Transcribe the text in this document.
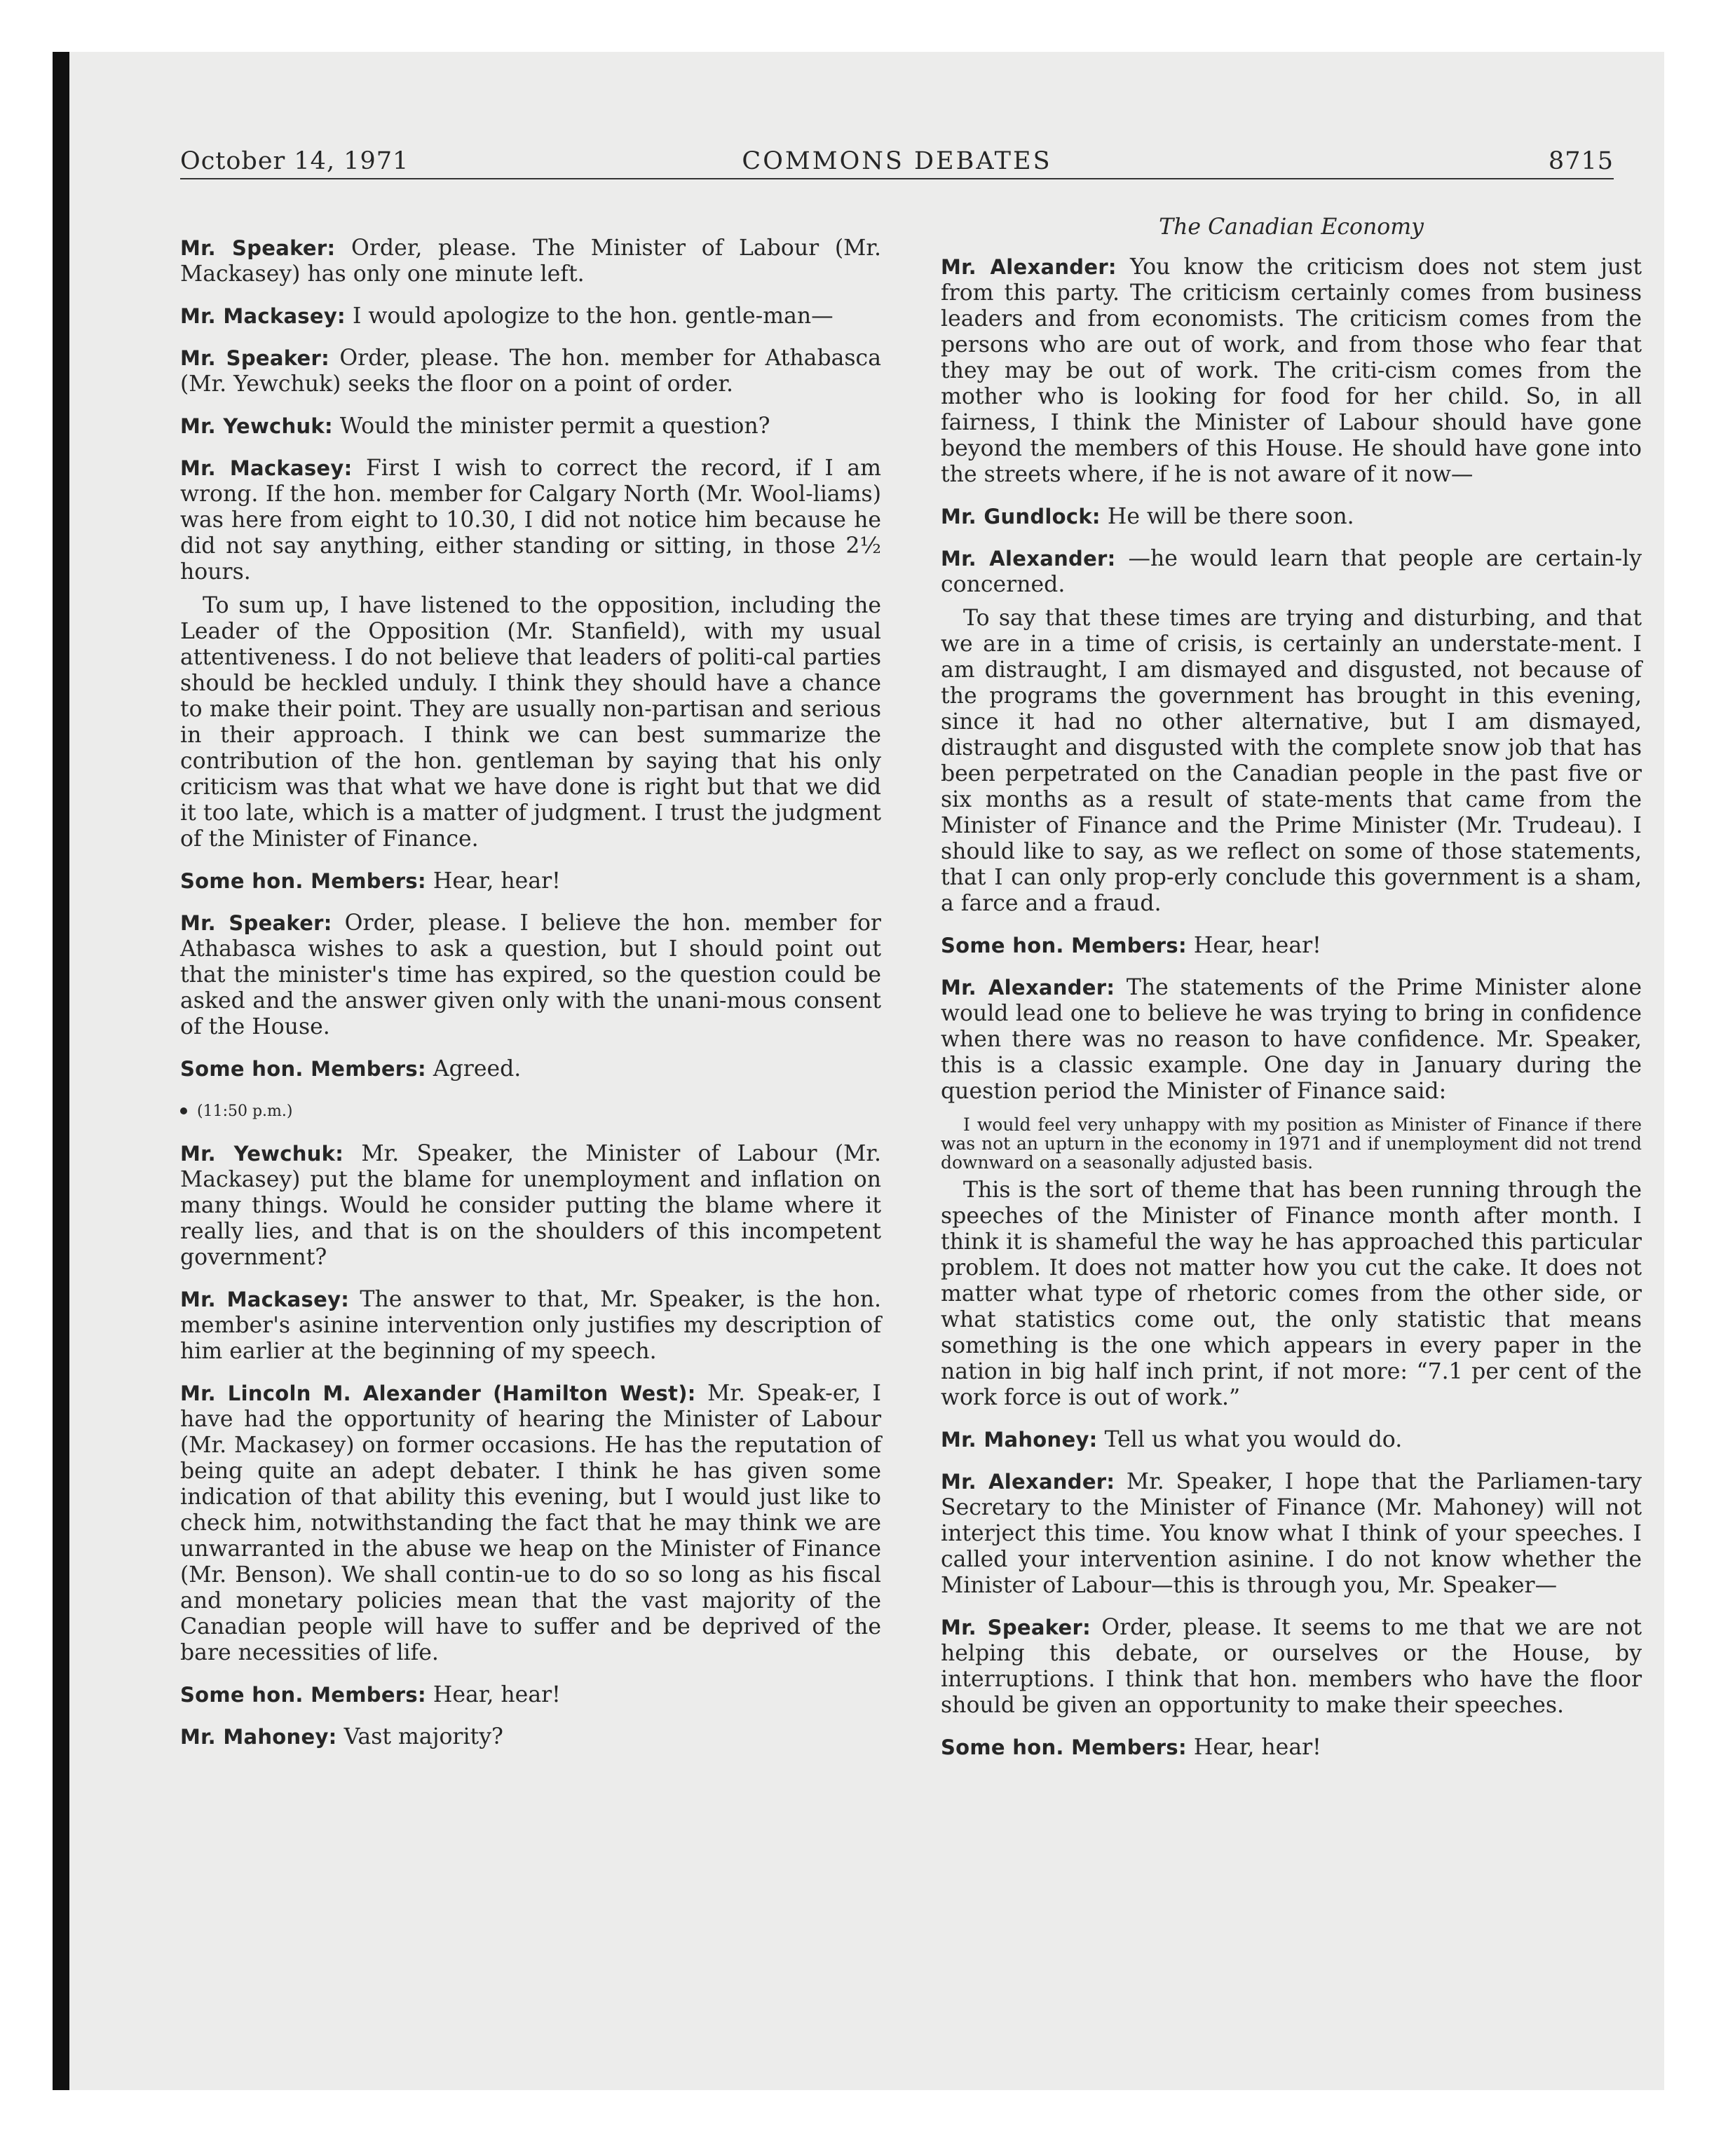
October 14, 1971	COMMONS DEBATES	8715

Mr. Speaker: Order, please. The Minister of Labour (Mr. Mackasey) has only one minute left.

Mr. Mackasey: I would apologize to the hon. gentle-man—

Mr. Speaker: Order, please. The hon. member for Athabasca (Mr. Yewchuk) seeks the floor on a point of order.

Mr. Yewchuk: Would the minister permit a question?

Mr. Mackasey: First I wish to correct the record, if I am wrong. If the hon. member for Calgary North (Mr. Wool-liams) was here from eight to 10.30, I did not notice him because he did not say anything, either standing or sitting, in those 2½ hours.

To sum up, I have listened to the opposition, including the Leader of the Opposition (Mr. Stanfield), with my usual attentiveness. I do not believe that leaders of politi-cal parties should be heckled unduly. I think they should have a chance to make their point. They are usually non-partisan and serious in their approach. I think we can best summarize the contribution of the hon. gentleman by saying that his only criticism was that what we have done is right but that we did it too late, which is a matter of judgment. I trust the judgment of the Minister of Finance.

Some hon. Members: Hear, hear!

Mr. Speaker: Order, please. I believe the hon. member for Athabasca wishes to ask a question, but I should point out that the minister's time has expired, so the question could be asked and the answer given only with the unani-mous consent of the House.

Some hon. Members: Agreed.

(11:50 p.m.)

Mr. Yewchuk: Mr. Speaker, the Minister of Labour (Mr. Mackasey) put the blame for unemployment and inflation on many things. Would he consider putting the blame where it really lies, and that is on the shoulders of this incompetent government?

Mr. Mackasey: The answer to that, Mr. Speaker, is the hon. member's asinine intervention only justifies my description of him earlier at the beginning of my speech.

Mr. Lincoln M. Alexander (Hamilton West): Mr. Speak-er, I have had the opportunity of hearing the Minister of Labour (Mr. Mackasey) on former occasions. He has the reputation of being quite an adept debater. I think he has given some indication of that ability this evening, but I would just like to check him, notwithstanding the fact that he may think we are unwarranted in the abuse we heap on the Minister of Finance (Mr. Benson). We shall contin-ue to do so so long as his fiscal and monetary policies mean that the vast majority of the Canadian people will have to suffer and be deprived of the bare necessities of life.

Some hon. Members: Hear, hear!

Mr. Mahoney: Vast majority?

The Canadian Economy

Mr. Alexander: You know the criticism does not stem just from this party. The criticism certainly comes from business leaders and from economists. The criticism comes from the persons who are out of work, and from those who fear that they may be out of work. The criti-cism comes from the mother who is looking for food for her child. So, in all fairness, I think the Minister of Labour should have gone beyond the members of this House. He should have gone into the streets where, if he is not aware of it now—

Mr. Gundlock: He will be there soon.

Mr. Alexander: —he would learn that people are certain-ly concerned.

To say that these times are trying and disturbing, and that we are in a time of crisis, is certainly an understate-ment. I am distraught, I am dismayed and disgusted, not because of the programs the government has brought in this evening, since it had no other alternative, but I am dismayed, distraught and disgusted with the complete snow job that has been perpetrated on the Canadian people in the past five or six months as a result of state-ments that came from the Minister of Finance and the Prime Minister (Mr. Trudeau). I should like to say, as we reflect on some of those statements, that I can only prop-erly conclude this government is a sham, a farce and a fraud.

Some hon. Members: Hear, hear!

Mr. Alexander: The statements of the Prime Minister alone would lead one to believe he was trying to bring in confidence when there was no reason to have confidence. Mr. Speaker, this is a classic example. One day in January during the question period the Minister of Finance said:

I would feel very unhappy with my position as Minister of Finance if there was not an upturn in the economy in 1971 and if unemployment did not trend downward on a seasonally adjusted basis.

This is the sort of theme that has been running through the speeches of the Minister of Finance month after month. I think it is shameful the way he has approached this particular problem. It does not matter how you cut the cake. It does not matter what type of rhetoric comes from the other side, or what statistics come out, the only statistic that means something is the one which appears in every paper in the nation in big half inch print, if not more: “7.1 per cent of the work force is out of work.”

Mr. Mahoney: Tell us what you would do.

Mr. Alexander: Mr. Speaker, I hope that the Parliamen-tary Secretary to the Minister of Finance (Mr. Mahoney) will not interject this time. You know what I think of your speeches. I called your intervention asinine. I do not know whether the Minister of Labour—this is through you, Mr. Speaker—

Mr. Speaker: Order, please. It seems to me that we are not helping this debate, or ourselves or the House, by interruptions. I think that hon. members who have the floor should be given an opportunity to make their speeches.

Some hon. Members: Hear, hear!
